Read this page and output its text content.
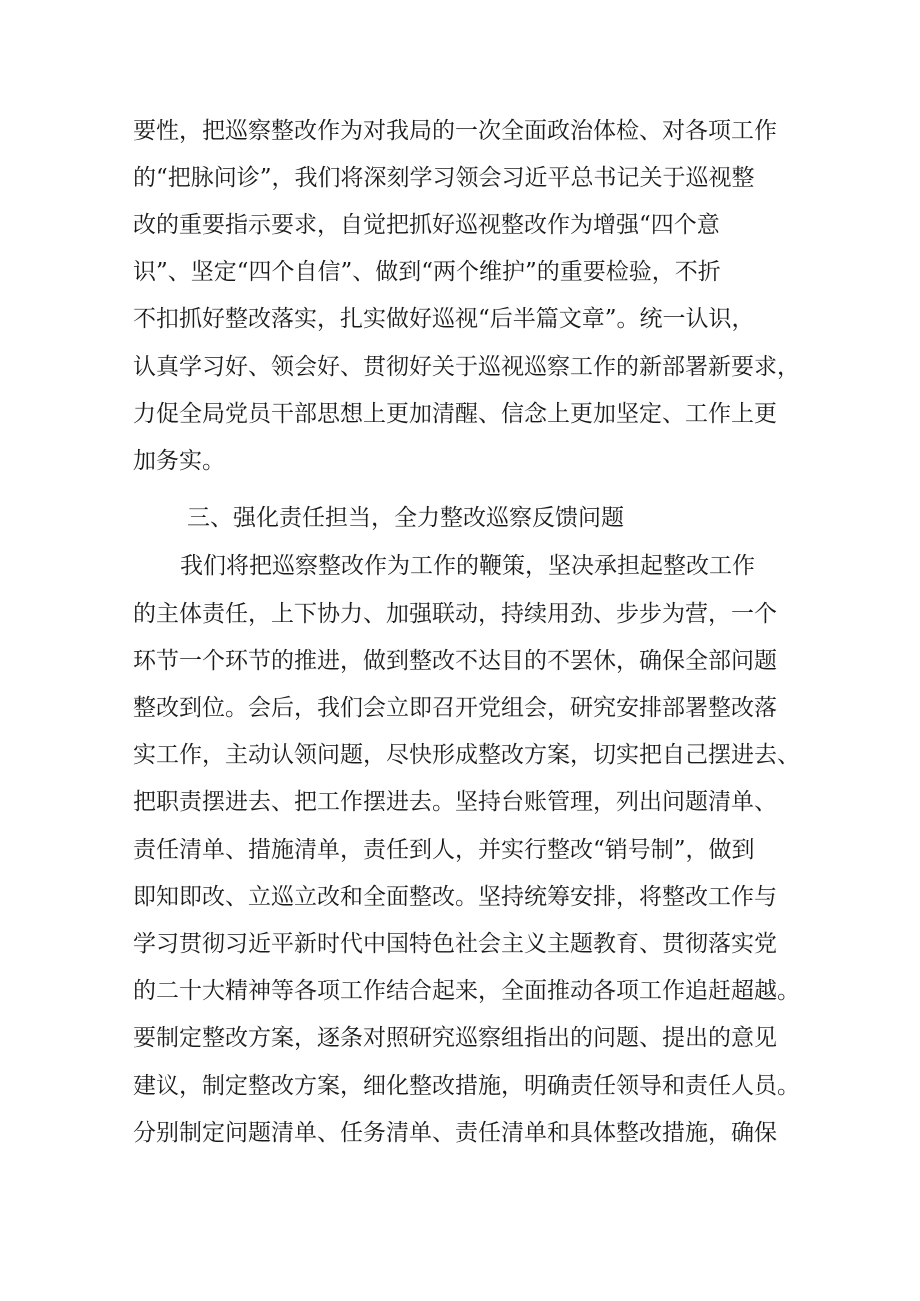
要性，把巡察整改作为对我局的一次全面政治体检、对各项工作
的“把脉问诊”，我们将深刻学习领会习近平总书记关于巡视整
改的重要指示要求，自觉把抓好巡视整改作为增强“四个意
识”、坚定“四个自信”、做到“两个维护”的重要检验，不折
不扣抓好整改落实，扎实做好巡视“后半篇文章”。统一认识，
认真学习好、领会好、贯彻好关于巡视巡察工作的新部署新要求，
力促全局党员干部思想上更加清醒、信念上更加坚定、工作上更
加务实。
三、强化责任担当，全力整改巡察反馈问题
我们将把巡察整改作为工作的鞭策，坚决承担起整改工作
的主体责任，上下协力、加强联动，持续用劲、步步为营，一个
环节一个环节的推进，做到整改不达目的不罢休，确保全部问题
整改到位。会后，我们会立即召开党组会，研究安排部署整改落
实工作，主动认领问题，尽快形成整改方案，切实把自己摆进去、
把职责摆进去、把工作摆进去。坚持台账管理，列出问题清单、
责任清单、措施清单，责任到人，并实行整改“销号制”，做到
即知即改、立巡立改和全面整改。坚持统筹安排，将整改工作与
学习贯彻习近平新时代中国特色社会主义主题教育、贯彻落实党
的二十大精神等各项工作结合起来，全面推动各项工作追赶超越。
要制定整改方案，逐条对照研究巡察组指出的问题、提出的意见
建议，制定整改方案，细化整改措施，明确责任领导和责任人员。
分别制定问题清单、任务清单、责任清单和具体整改措施，确保
